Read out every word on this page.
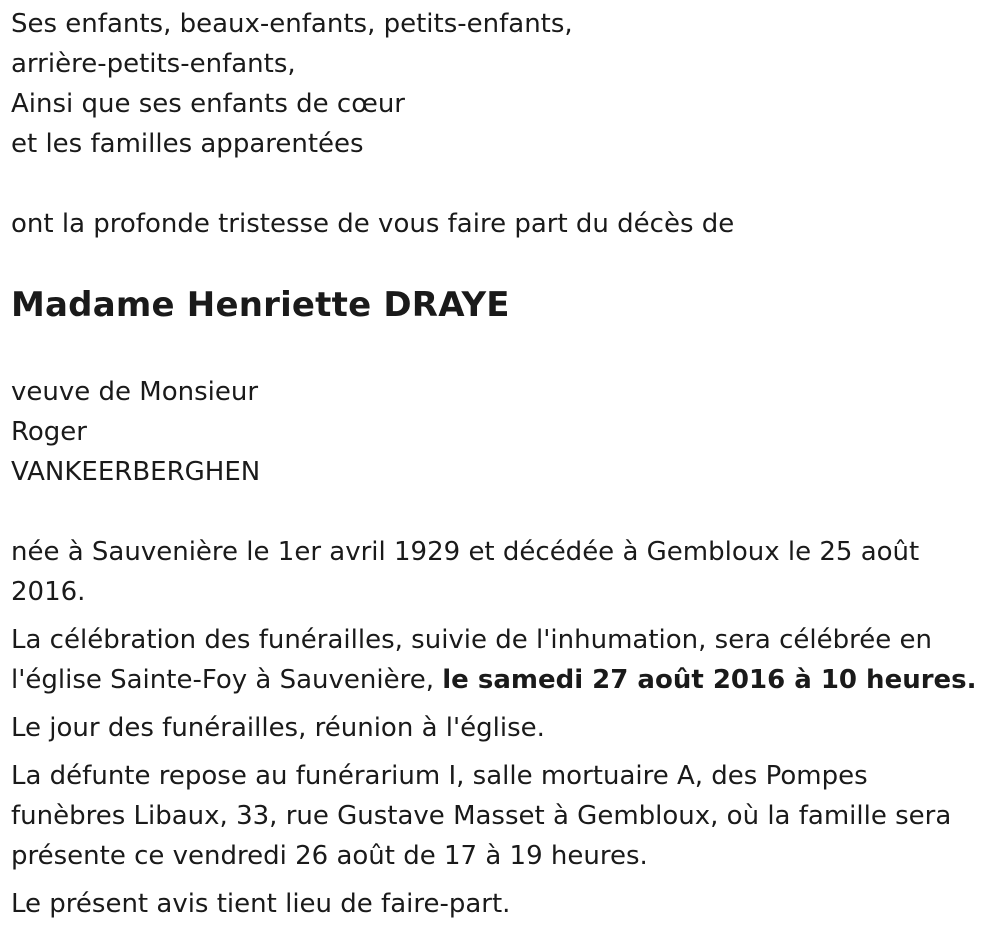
Ses enfants, beaux-enfants, petits-enfants,
arrière-petits-enfants,
Ainsi que ses enfants de cœur
et les familles apparentées
ont la profonde tristesse de vous faire part du décès de
Madame Henriette DRAYE
veuve de Monsieur
Roger
VANKEERBERGHEN
née à Sauvenière le 1er avril 1929 et décédée à Gembloux le 25 août
2016.
La célébration des funérailles, suivie de l'inhumation, sera célébrée en
l'église Sainte-Foy à Sauvenière, le samedi 27 août 2016 à 10 heures.
Le jour des funérailles, réunion à l'église.
La défunte repose au funérarium I, salle mortuaire A, des Pompes
funèbres Libaux, 33, rue Gustave Masset à Gembloux, où la famille sera
présente ce vendredi 26 août de 17 à 19 heures.
Le présent avis tient lieu de faire-part.
